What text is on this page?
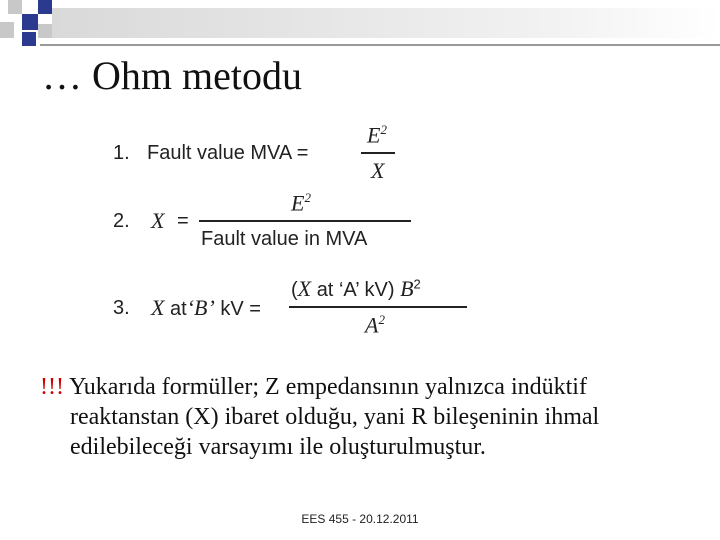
… Ohm metodu
1. Fault value MVA =
$E^2$
X
2. X =
$E^2$
Fault value in MVA
3. X at‘B’ kV =
(X at ‘A’ kV) $B^2$
$A^2$
!!! Yukarıda formüller; Z empedansının yalnızca indüktif
reaktanstan (X) ibaret olduğu, yani R bileşeninin ihmal
edilebileceği varsayımı ile oluşturulmuştur.
EES 455 - 20.12.2011
